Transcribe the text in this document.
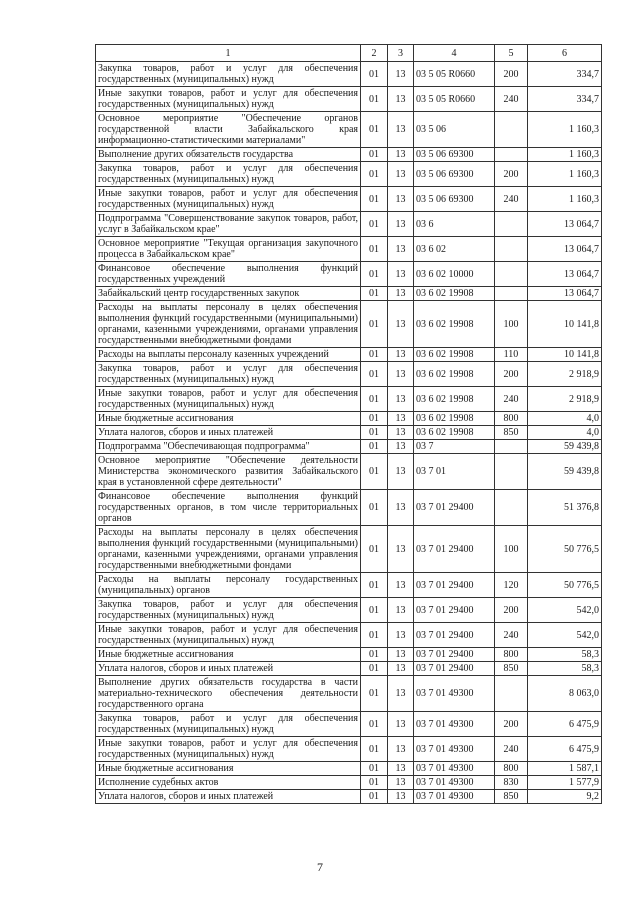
1	2	3	4	5	6
Закупка товаров, работ и услуг для обеспечения государственных (муниципальных) нужд	01	13	03 5 05 R0660	200	334,7
Иные закупки товаров, работ и услуг для обеспечения государственных (муниципальных) нужд	01	13	03 5 05 R0660	240	334,7
Основное мероприятие "Обеспечение органов государственной власти Забайкальского края информационно-статистическими материалами"	01	13	03 5 06		1 160,3
Выполнение других обязательств государства	01	13	03 5 06 69300		1 160,3
Закупка товаров, работ и услуг для обеспечения государственных (муниципальных) нужд	01	13	03 5 06 69300	200	1 160,3
Иные закупки товаров, работ и услуг для обеспечения государственных (муниципальных) нужд	01	13	03 5 06 69300	240	1 160,3
Подпрограмма "Совершенствование закупок товаров, работ, услуг в Забайкальском крае"	01	13	03 6		13 064,7
Основное мероприятие "Текущая организация закупочного процесса в Забайкальском крае"	01	13	03 6 02		13 064,7
Финансовое обеспечение выполнения функций государственных учреждений	01	13	03 6 02 10000		13 064,7
Забайкальский центр государственных закупок	01	13	03 6 02 19908		13 064,7
Расходы на выплаты персоналу в целях обеспечения выполнения функций государственными (муниципальными) органами, казенными учреждениями, органами управления государственными внебюджетными фондами	01	13	03 6 02 19908	100	10 141,8
Расходы на выплаты персоналу казенных учреждений	01	13	03 6 02 19908	110	10 141,8
Закупка товаров, работ и услуг для обеспечения государственных (муниципальных) нужд	01	13	03 6 02 19908	200	2 918,9
Иные закупки товаров, работ и услуг для обеспечения государственных (муниципальных) нужд	01	13	03 6 02 19908	240	2 918,9
Иные бюджетные ассигнования	01	13	03 6 02 19908	800	4,0
Уплата налогов, сборов и иных платежей	01	13	03 6 02 19908	850	4,0
Подпрограмма "Обеспечивающая подпрограмма"	01	13	03 7		59 439,8
Основное мероприятие "Обеспечение деятельности Министерства экономического развития Забайкальского края в установленной сфере деятельности"	01	13	03 7 01		59 439,8
Финансовое обеспечение выполнения функций государственных органов, в том числе территориальных органов	01	13	03 7 01 29400		51 376,8
Расходы на выплаты персоналу в целях обеспечения выполнения функций государственными (муниципальными) органами, казенными учреждениями, органами управления государственными внебюджетными фондами	01	13	03 7 01 29400	100	50 776,5
Расходы на выплаты персоналу государственных (муниципальных) органов	01	13	03 7 01 29400	120	50 776,5
Закупка товаров, работ и услуг для обеспечения государственных (муниципальных) нужд	01	13	03 7 01 29400	200	542,0
Иные закупки товаров, работ и услуг для обеспечения государственных (муниципальных) нужд	01	13	03 7 01 29400	240	542,0
Иные бюджетные ассигнования	01	13	03 7 01 29400	800	58,3
Уплата налогов, сборов и иных платежей	01	13	03 7 01 29400	850	58,3
Выполнение других обязательств государства в части материально-технического обеспечения деятельности государственного органа	01	13	03 7 01 49300		8 063,0
Закупка товаров, работ и услуг для обеспечения государственных (муниципальных) нужд	01	13	03 7 01 49300	200	6 475,9
Иные закупки товаров, работ и услуг для обеспечения государственных (муниципальных) нужд	01	13	03 7 01 49300	240	6 475,9
Иные бюджетные ассигнования	01	13	03 7 01 49300	800	1 587,1
Исполнение судебных актов	01	13	03 7 01 49300	830	1 577,9
Уплата налогов, сборов и иных платежей	01	13	03 7 01 49300	850	9,2
7
